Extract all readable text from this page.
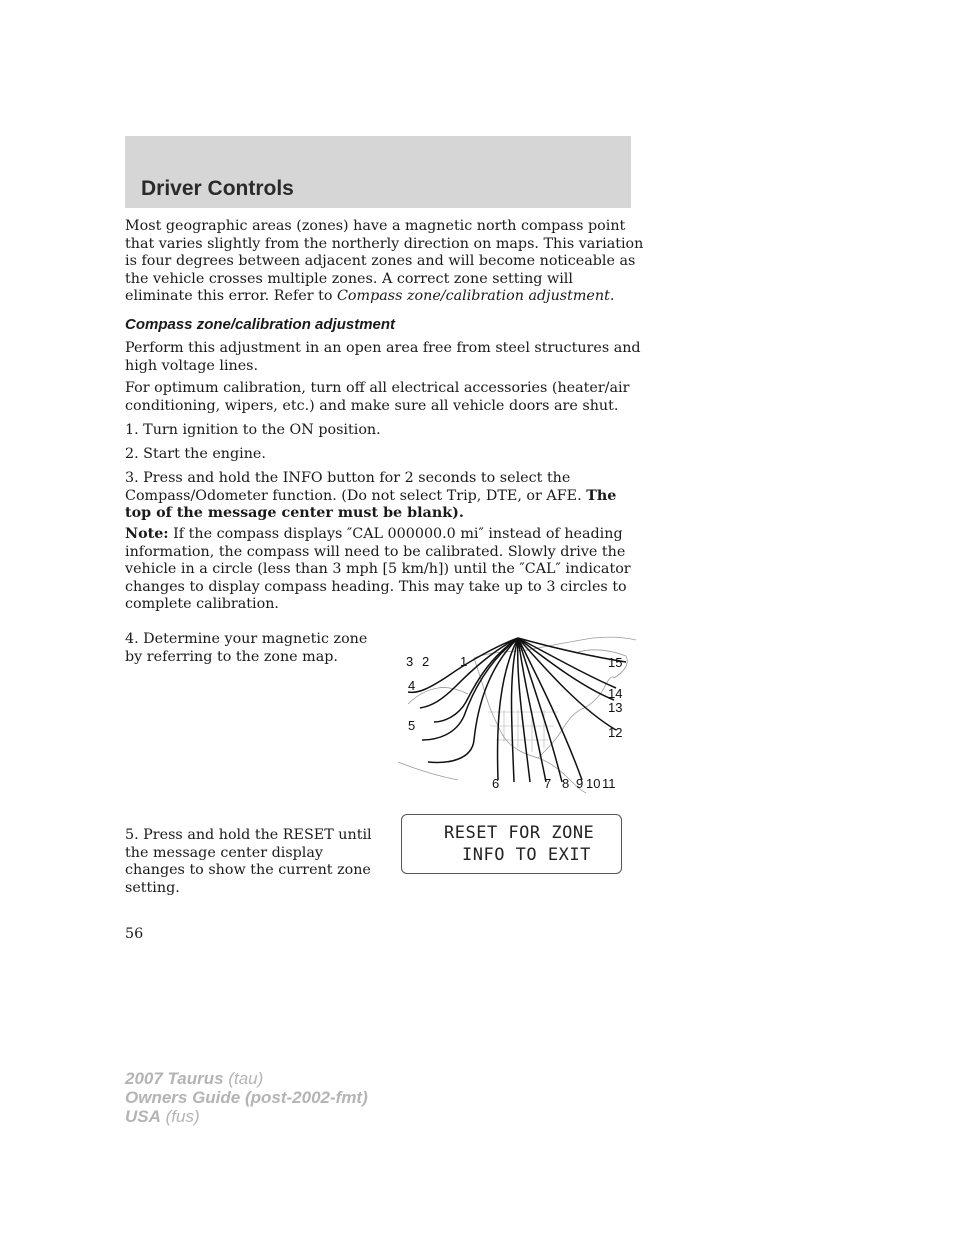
Driver Controls

Most geographic areas (zones) have a magnetic north compass point that varies slightly from the northerly direction on maps. This variation is four degrees between adjacent zones and will become noticeable as the vehicle crosses multiple zones. A correct zone setting will eliminate this error. Refer to Compass zone/calibration adjustment.

Compass zone/calibration adjustment

Perform this adjustment in an open area free from steel structures and high voltage lines.

For optimum calibration, turn off all electrical accessories (heater/air conditioning, wipers, etc.) and make sure all vehicle doors are shut.

1. Turn ignition to the ON position.

2. Start the engine.

3. Press and hold the INFO button for 2 seconds to select the Compass/Odometer function. (Do not select Trip, DTE, or AFE. The top of the message center must be blank).

Note: If the compass displays ″CAL 000000.0 mi″ instead of heading information, the compass will need to be calibrated. Slowly drive the vehicle in a circle (less than 3 mph [5 km/h]) until the ″CAL″ indicator changes to display compass heading. This may take up to 3 circles to complete calibration.

4. Determine your magnetic zone by referring to the zone map.	1
2
3
4
5
6	7 8 9 10 11
12
13
14
15

5. Press and hold the RESET until the message center display changes to show the current zone setting.

RESET FOR ZONE
INFO TO EXIT
56
2007 Taurus (tau)
Owners Guide (post-2002-fmt)
USA (fus)
